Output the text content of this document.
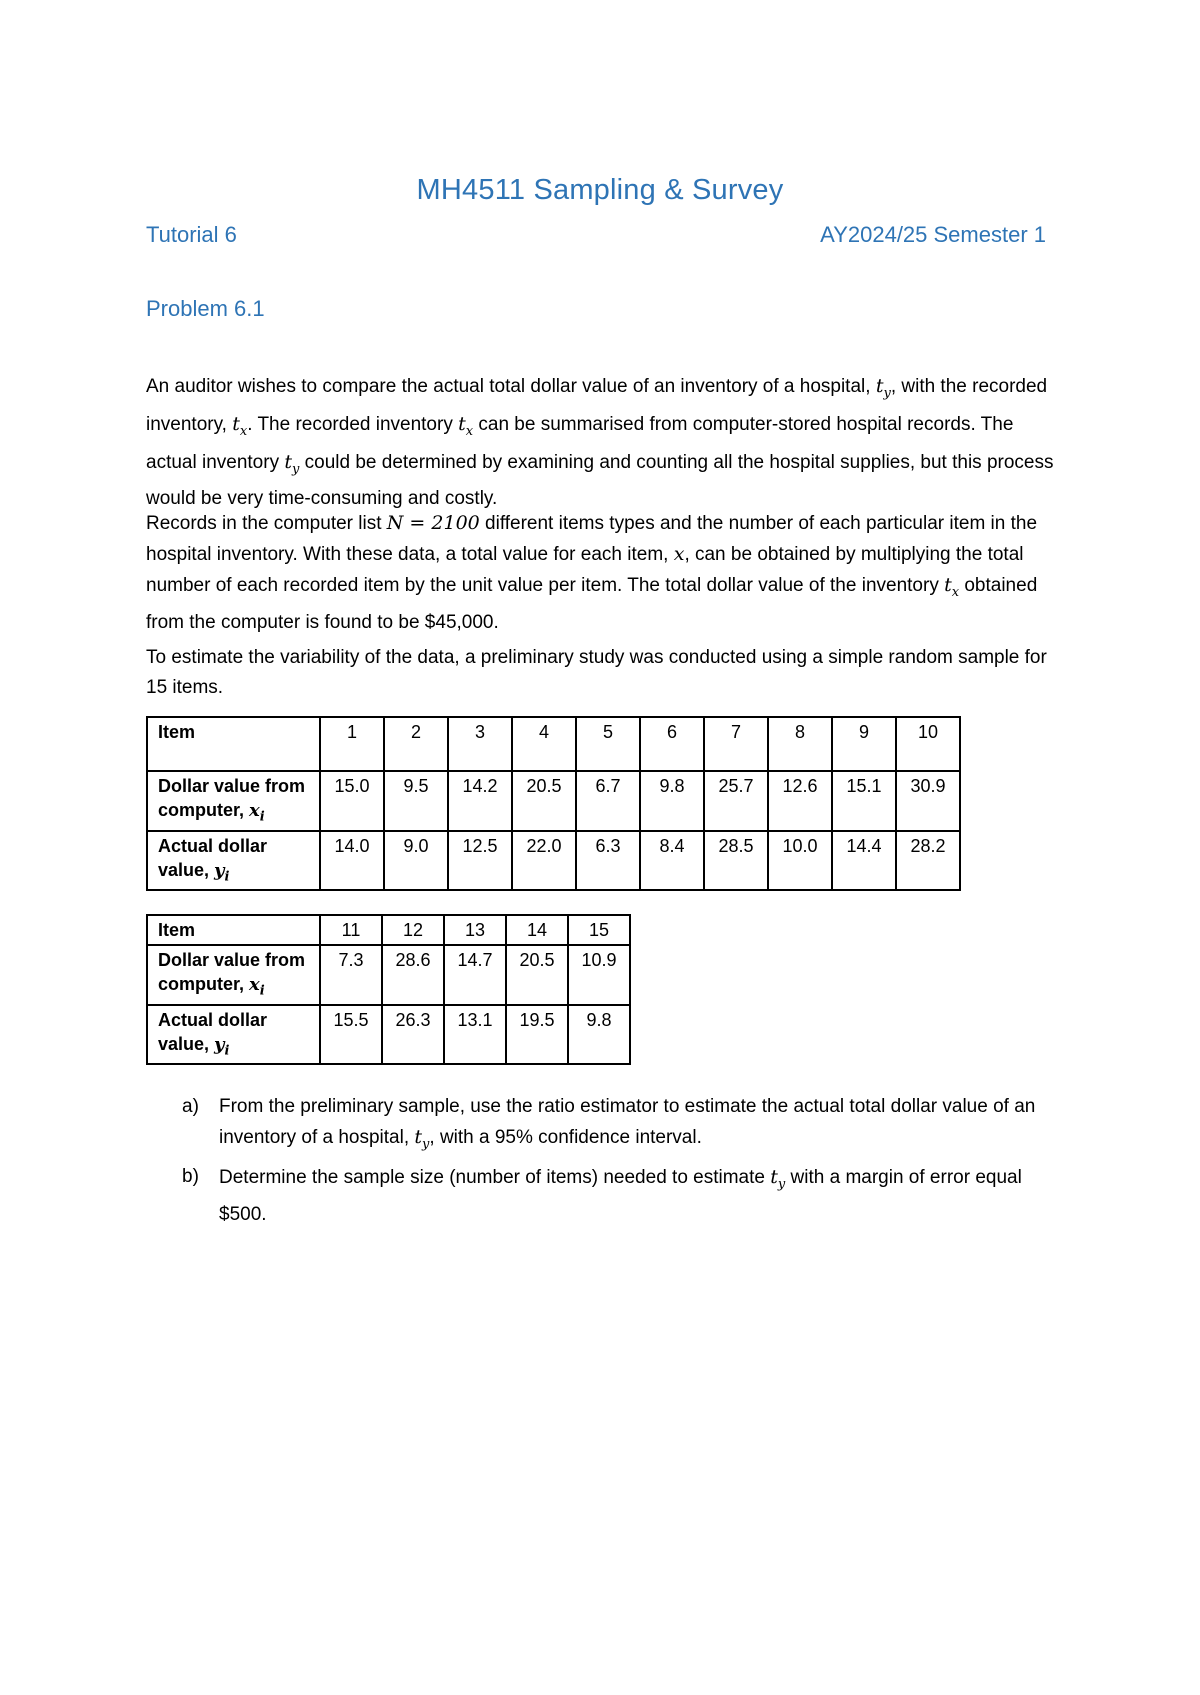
MH4511 Sampling & Survey
Tutorial 6	AY2024/25 Semester 1
Problem 6.1

An auditor wishes to compare the actual total dollar value of an inventory of a hospital, $t_y$, with the recorded inventory, $t_x$. The recorded inventory $t_x$ can be summarised from computer-stored hospital records. The actual inventory $t_y$ could be determined by examining and counting all the hospital supplies, but this process would be very time-consuming and costly.

Records in the computer list N = 2100 different items types and the number of each particular item in the hospital inventory. With these data, a total value for each item, x, can be obtained by multiplying the total number of each recorded item by the unit value per item. The total dollar value of the inventory $t_x$ obtained from the computer is found to be $45,000.

To estimate the variability of the data, a preliminary study was conducted using a simple random sample for 15 items.

Item	1	2	3	4	5	6	7	8	9	10
Dollar value from computer, $x_i$	15.0	9.5	14.2	20.5	6.7	9.8	25.7	12.6	15.1	30.9
Actual dollar value, $y_i$	14.0	9.0	12.5	22.0	6.3	8.4	28.5	10.0	14.4	28.2
Item	11	12	13	14	15
Dollar value from computer, $x_i$	7.3	28.6	14.7	20.5	10.9
Actual dollar value, $y_i$	15.5	26.3	13.1	19.5	9.8
a) From the preliminary sample, use the ratio estimator to estimate the actual total dollar value of an inventory of a hospital, $t_y$, with a 95% confidence interval.
b) Determine the sample size (number of items) needed to estimate $t_y$ with a margin of error equal $500.
